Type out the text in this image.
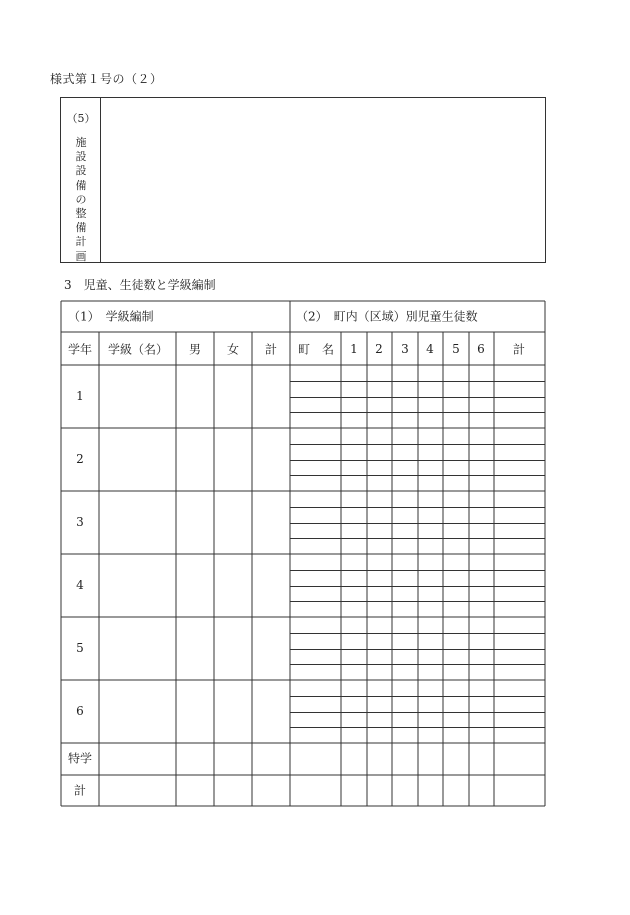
様式第１号の（２）
（5）
施
設
設
備
の
整
備
計
画
3　児童、生徒数と学級編制
（1）　学級編制	（2）　町内（区域）別児童生徒数
学年 学級（名） 男 女 計 町　名 1 2 3 4 5 6 計
1
2
3
4
5
6
特学
計
